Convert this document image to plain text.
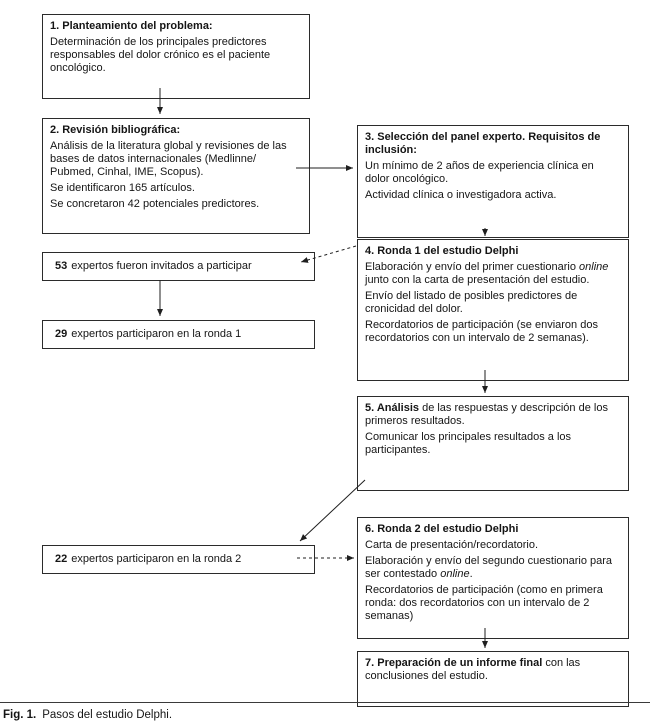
1. Planteamiento del problema:

Determinación de los principales predictores responsables del dolor crónico es el paciente oncológico.

2. Revisión bibliográfica:

Análisis de la literatura global y revisiones de las bases de datos internacionales (Medlinne/ Pubmed, Cinhal, IME, Scopus).

Se identificaron 165 artículos.

Se concretaron 42 potenciales predictores.

3. Selección del panel experto. Requisitos de inclusión:

Un mínimo de 2 años de experiencia clínica en dolor oncológico.

Actividad clínica o investigadora activa.

4. Ronda 1 del estudio Delphi

Elaboración y envío del primer cuestionario online junto con la carta de presentación del estudio.

Envío del listado de posibles predictores de cronicidad del dolor.

Recordatorios de participación (se enviaron dos recordatorios con un intervalo de 2 semanas).

53 expertos fueron invitados a participar
29 expertos participaron en la ronda 1

5. Análisis de las respuestas y descripción de los primeros resultados.

Comunicar los principales resultados a los participantes.

6. Ronda 2 del estudio Delphi

Carta de presentación/recordatorio.

Elaboración y envío del segundo cuestionario para ser contestado online.

Recordatorios de participación (como en primera ronda: dos recordatorios con un intervalo de 2 semanas)

22 expertos participaron en la ronda 2

7. Preparación de un informe final con las conclusiones del estudio.

Fig. 1. Pasos del estudio Delphi.
